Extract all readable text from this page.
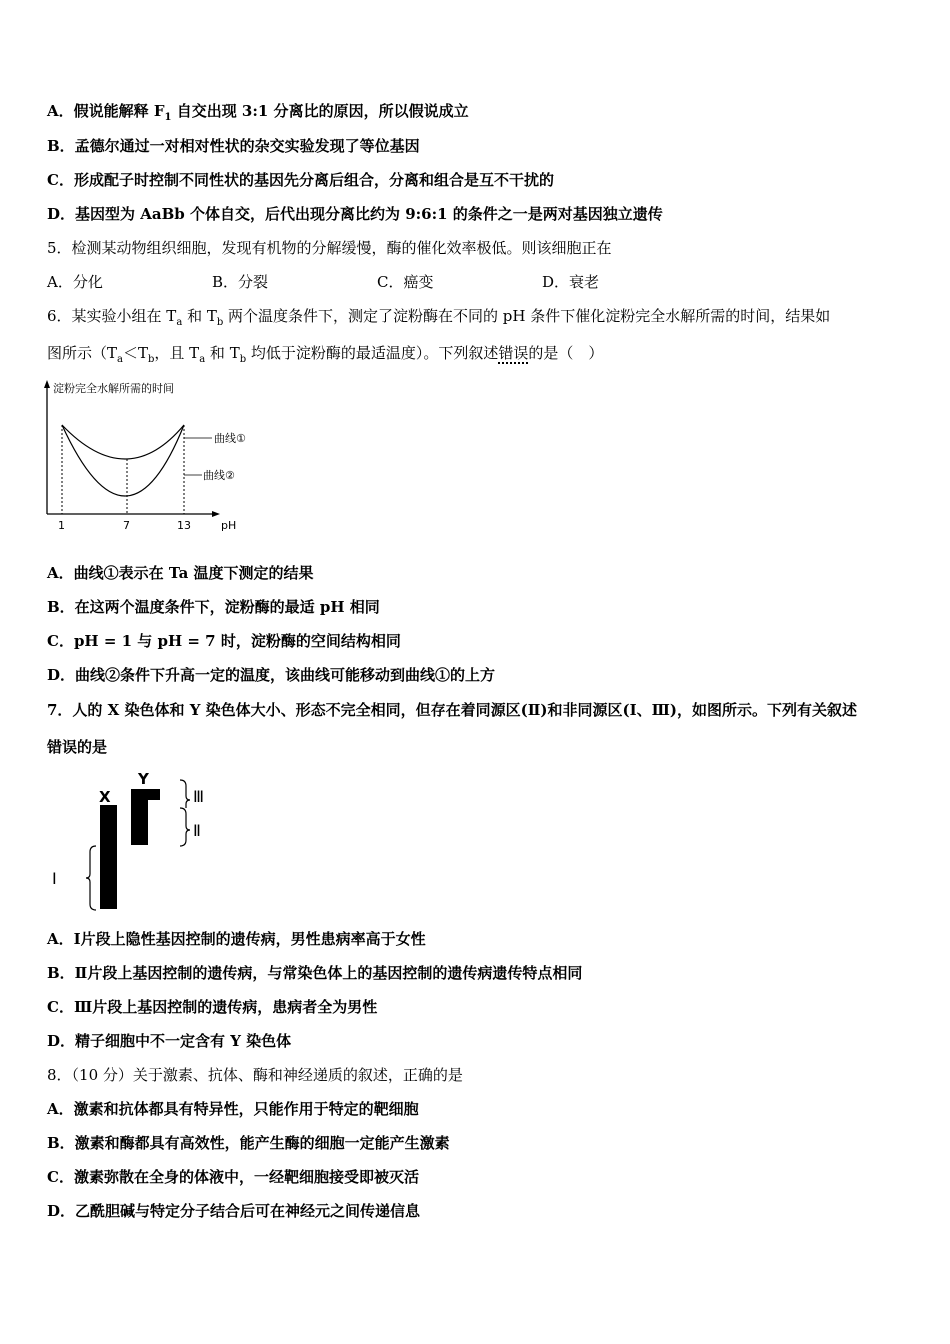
A．假说能解释 $F_1$ 自交出现 3:1 分离比的原因，所以假说成立
B．孟德尔通过一对相对性状的杂交实验发现了等位基因
C．形成配子时控制不同性状的基因先分离后组合，分离和组合是互不干扰的
D．基因型为 AaBb 个体自交，后代出现分离比约为 9:6:1 的条件之一是两对基因独立遗传
5．检测某动物组织细胞，发现有机物的分解缓慢，酶的催化效率极低。则该细胞正在
A．分化	B．分裂	C．癌变	D．衰老
6．某实验小组在 $T_a$ 和 $T_b$ 两个温度条件下，测定了淀粉酶在不同的 pH 条件下催化淀粉完全水解所需的时间，结果如
图所示（$T_a<T_b$，且 $T_a$ 和 $T_b$ 均低于淀粉酶的最适温度）。下列叙述错误的是（　）
淀粉完全水解所需的时间
曲线①
曲线②
1	7	13	pH
A．曲线①表示在 Ta 温度下测定的结果
B．在这两个温度条件下，淀粉酶的最适 pH 相同
C．pH = 1 与 pH = 7 时，淀粉酶的空间结构相同
D．曲线②条件下升高一定的温度，该曲线可能移动到曲线①的上方
7．人的 X 染色体和 Y 染色体大小、形态不完全相同，但存在着同源区(Ⅱ)和非同源区(Ⅰ、Ⅲ)，如图所示。下列有关叙述
错误的是
X
Y
Ⅲ
Ⅱ
Ⅰ
A．Ⅰ片段上隐性基因控制的遗传病，男性患病率高于女性
B．Ⅱ片段上基因控制的遗传病，与常染色体上的基因控制的遗传病遗传特点相同
C．Ⅲ片段上基因控制的遗传病，患病者全为男性
D．精子细胞中不一定含有 Y 染色体
8．（10 分）关于激素、抗体、酶和神经递质的叙述，正确的是
A．激素和抗体都具有特异性，只能作用于特定的靶细胞
B．激素和酶都具有高效性，能产生酶的细胞一定能产生激素
C．激素弥散在全身的体液中，一经靶细胞接受即被灭活
D．乙酰胆碱与特定分子结合后可在神经元之间传递信息
